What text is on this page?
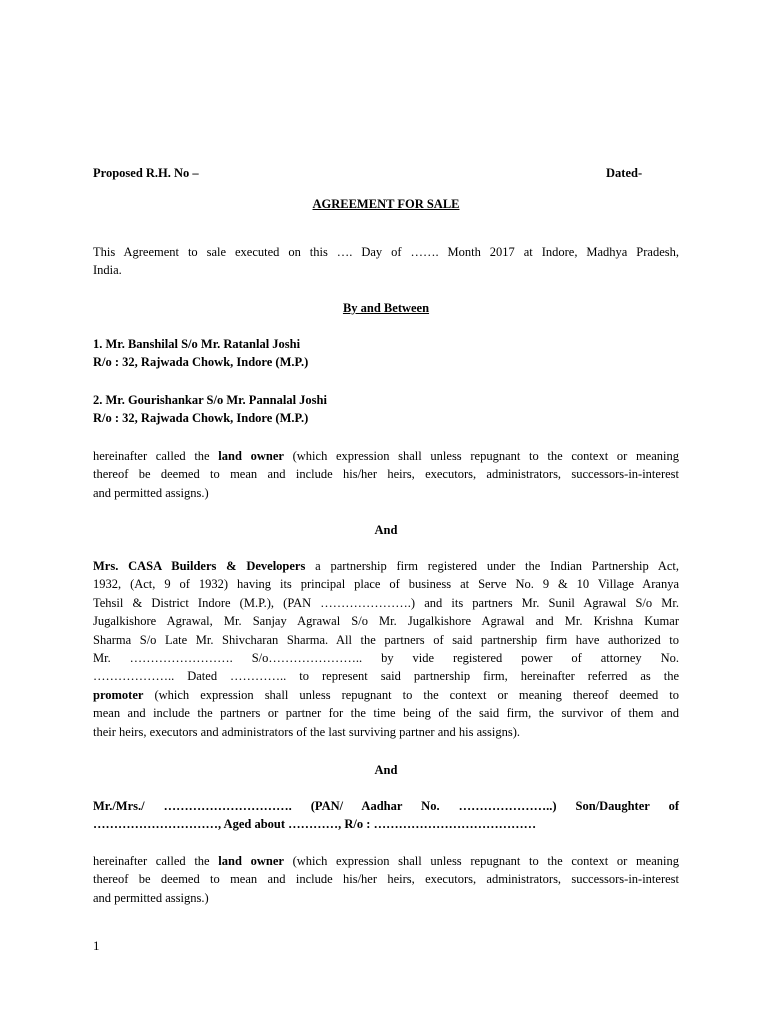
Proposed R.H. No –	Dated-
AGREEMENT FOR SALE
This Agreement to sale executed on this …. Day of ……. Month 2017 at Indore, Madhya Pradesh,
India.
By and Between
1. Mr. Banshilal S/o Mr. Ratanlal Joshi
R/o : 32, Rajwada Chowk, Indore (M.P.)
2. Mr. Gourishankar S/o Mr. Pannalal Joshi
R/o : 32, Rajwada Chowk, Indore (M.P.)
hereinafter called the land owner (which expression shall unless repugnant to the context or meaning
thereof be deemed to mean and include his/her heirs, executors, administrators, successors-in-interest
and permitted assigns.)
And
Mrs. CASA Builders & Developers a partnership firm registered under the Indian Partnership Act,
1932, (Act, 9 of 1932) having its principal place of business at Serve No. 9 & 10 Village Aranya
Tehsil & District Indore (M.P.), (PAN ………………….) and its partners Mr. Sunil Agrawal S/o Mr.
Jugalkishore Agrawal, Mr. Sanjay Agrawal S/o Mr. Jugalkishore Agrawal and Mr. Krishna Kumar
Sharma S/o Late Mr. Shivcharan Sharma. All the partners of said partnership firm have authorized to
Mr. ……………………. S/o………………….. by vide registered power of attorney No.
……………….. Dated ………….. to represent said partnership firm, hereinafter referred as the
promoter (which expression shall unless repugnant to the context or meaning thereof deemed to
mean and include the partners or partner for the time being of the said firm, the survivor of them and
their heirs, executors and administrators of the last surviving partner and his assigns).
And
Mr./Mrs./ …………………………. (PAN/ Aadhar No. …………………..) Son/Daughter of
…………………………, Aged about …………, R/o : …………………………………
hereinafter called the land owner (which expression shall unless repugnant to the context or meaning
thereof be deemed to mean and include his/her heirs, executors, administrators, successors-in-interest
and permitted assigns.)
1
